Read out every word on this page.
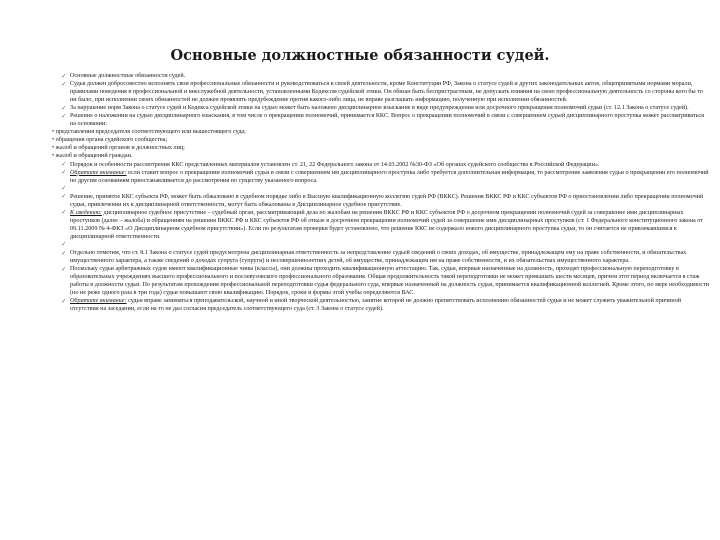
Основные должностные обязанности судей.
✓ Основные должностные обязанности судей.
✓ Судья должен добросовестно исполнять свои профессиональные обязанности и руководствоваться в своей деятельности, кроме Конституции РФ, Закона о статусе судей и других законодательных актов, общепринятыми нормами морали, правилами поведения в профессиональной и внеслужебной деятельности, установленными Кодексом судейской этики. Он обязан быть беспристрастным, не допускать влияния на свою профессиональную деятельность со стороны кого бы то ни было, при исполнении своих обязанностей не должен проявлять предубеждение против какого-либо лица, не вправе разглашать информацию, полученную при исполнении обязанностей.
✓ За нарушение норм Закона о статусе судей и Кодекса судейской этики на судью может быть наложено дисциплинарное взыскание в виде предупреждения или досрочного прекращения полномочий судьи (ст. 12.1 Закона о статусе судей).
✓ Решение о наложении на судью дисциплинарного взыскания, в том числе о прекращении полномочий, принимается ККС. Вопрос о прекращении полномочий в связи с совершением судьей дисциплинарного проступка может рассматриваться на основании:
• представления председателя соответствующего или вышестоящего суда;
• обращения органа судейского сообщества;
• жалоб и обращений органов и должностных лиц;
• жалоб и обращений граждан.
✓ Порядок и особенности рассмотрения ККС представленных материалов установлен ст. 21, 22 Федерального закона от 14.03.2002 №30-ФЗ «Об органах судейского сообщества в Российской Федерации».
✓ Обратите внимание: если ставит вопрос о прекращении полномочий судьи в связи с совершением им дисциплинарного проступка либо требуется дополнительная информация, то рассмотрение заявления судьи о прекращении его полномочий по другим основаниям приостанавливается до рассмотрения по существу указанного вопроса.
✓
✓ Решение, принятое ККС субъекта РФ, может быть обжаловано в судебном порядке либо в Высшую квалификационную коллегию судей РФ (ВККС). Решения ВККС РФ и ККС субъектов РФ о приостановлении либо прекращении полномочий судьи, привлечении их к дисциплинарной ответственности, могут быть обжалованы в Дисциплинарное судебное присутствие.
✓ К сведению: дисциплинарное судебное присутствие – судебный орган, рассматривающий дела по жалобам на решения ВККС РФ и ККС субъектов РФ о досрочном прекращении полномочий судей за совершение ими дисциплинарных проступков (далее – жалоба) и обращениям на решения ВККС РФ и ККС субъектов РФ об отказе в досрочном прекращении полномочий судей за совершение ими дисциплинарных проступков (ст. 1 Федерального конституционного закона от 09.11.2009 № 4-ФКЗ «О Дисциплинарном судебном присутствии»). Если по результатам проверки будет установлено, что решение ККС не содержало нового дисциплинарного проступка судьи, то он считается не привлекавшимся к дисциплинарной ответственности.
✓
✓ Отдельно отметим, что ст. 8.1 Закона о статусе судей предусмотрена дисциплинарная ответственность за непредставление судьей сведений о своих доходах, об имуществе, принадлежащем ему на праве собственности, и обязательствах имущественного характера, а также сведений о доходах супруга (супруги) и несовершеннолетних детей, об имуществе, принадлежащем им на праве собственности, и их обязательствах имущественного характера.
✓ Поскольку судьи арбитражных судов имеют квалификационные чины (классы), они должны проходить квалификационную аттестацию. Так, судьи, впервые назначенные на должность, проходят профессиональную переподготовку в образовательных учреждениях высшего профессионального и послевузовского профессионального образования. Общая продолжительность такой переподготовки не может превышать шести месяцев, причем этот период включается в стаж работы в должности судьи. По результатам прохождения профессиональной переподготовки судья федерального суда, впервые назначенный на должность судьи, принимается квалификационной коллегией. Кроме этого, по мере необходимости (но не реже одного раза в три года) судьи повышают свою квалификацию. Порядок, сроки и формы этой учебы определяются ВАС.
✓ Обратите внимание: судьи вправе заниматься преподавательской, научной и иной творческой деятельностью, занятие которой не должно препятствовать исполнению обязанностей судьи и не может служить уважительной причиной отсутствия на заседании, если на то не дал согласия председатель соответствующего суда (ст. 3 Закона о статусе судей).
